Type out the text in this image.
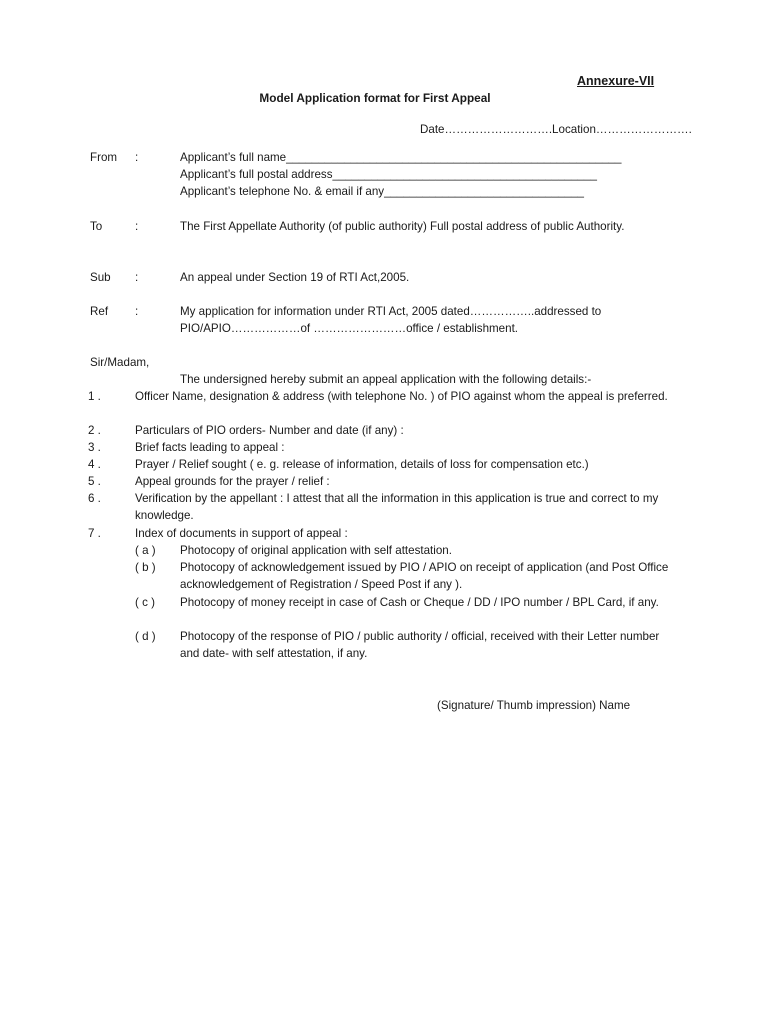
Annexure-VII
Model Application format for First Appeal
Date……………………….Location…………………….
From :	Applicant’s full name____________________________________________________
Applicant’s full postal address_________________________________________
Applicant’s telephone No. & email if any_______________________________
To	:	The First Appellate Authority (of public authority) Full postal address of public Authority.
Sub :	An appeal under Section 19 of RTI Act,2005.
Ref :	My application for information under RTI Act, 2005 dated……………..addressed to PIO/APIO………………of ……………………office / establishment.
Sir/Madam,
The undersigned hereby submit an appeal application with the following details:-
1 .	Officer Name, designation & address (with telephone No. ) of PIO against whom the appeal is preferred.
2 .	Particulars of PIO orders- Number and date (if any) :
3 .	Brief facts leading to appeal :
4 .	Prayer / Relief sought ( e. g. release of information, details of loss for compensation etc.)
5 .	Appeal grounds for the prayer / relief :
6 .	Verification by the appellant : I attest that all the information in this application is true and correct to my knowledge.
7 .	Index of documents in support of appeal :
( a ) Photocopy of original application with self attestation.
( b ) Photocopy of acknowledgement issued by PIO / APIO on receipt of application (and Post Office acknowledgement of Registration / Speed Post if any ).
( c ) Photocopy of money receipt in case of Cash or Cheque / DD / IPO number / BPL Card, if any.
( d ) Photocopy of the response of PIO / public authority / official, received with their Letter number and date- with self attestation, if any.
(Signature/ Thumb impression) Name
